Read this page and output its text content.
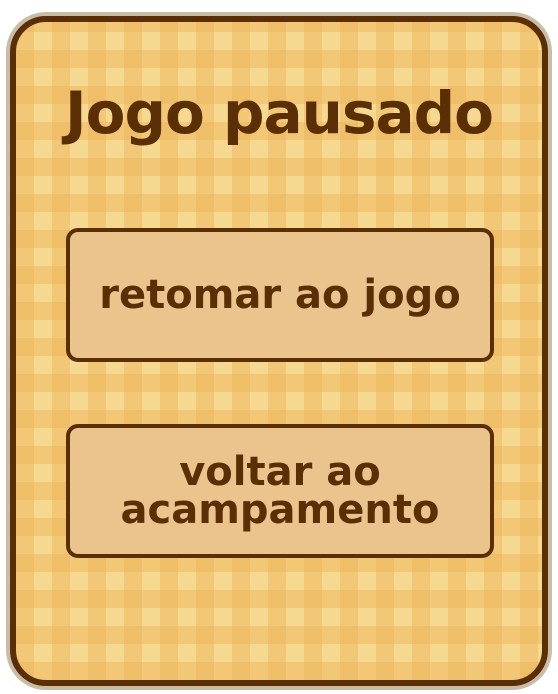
Jogo pausado
retomar ao jogo
voltar ao acampamento
